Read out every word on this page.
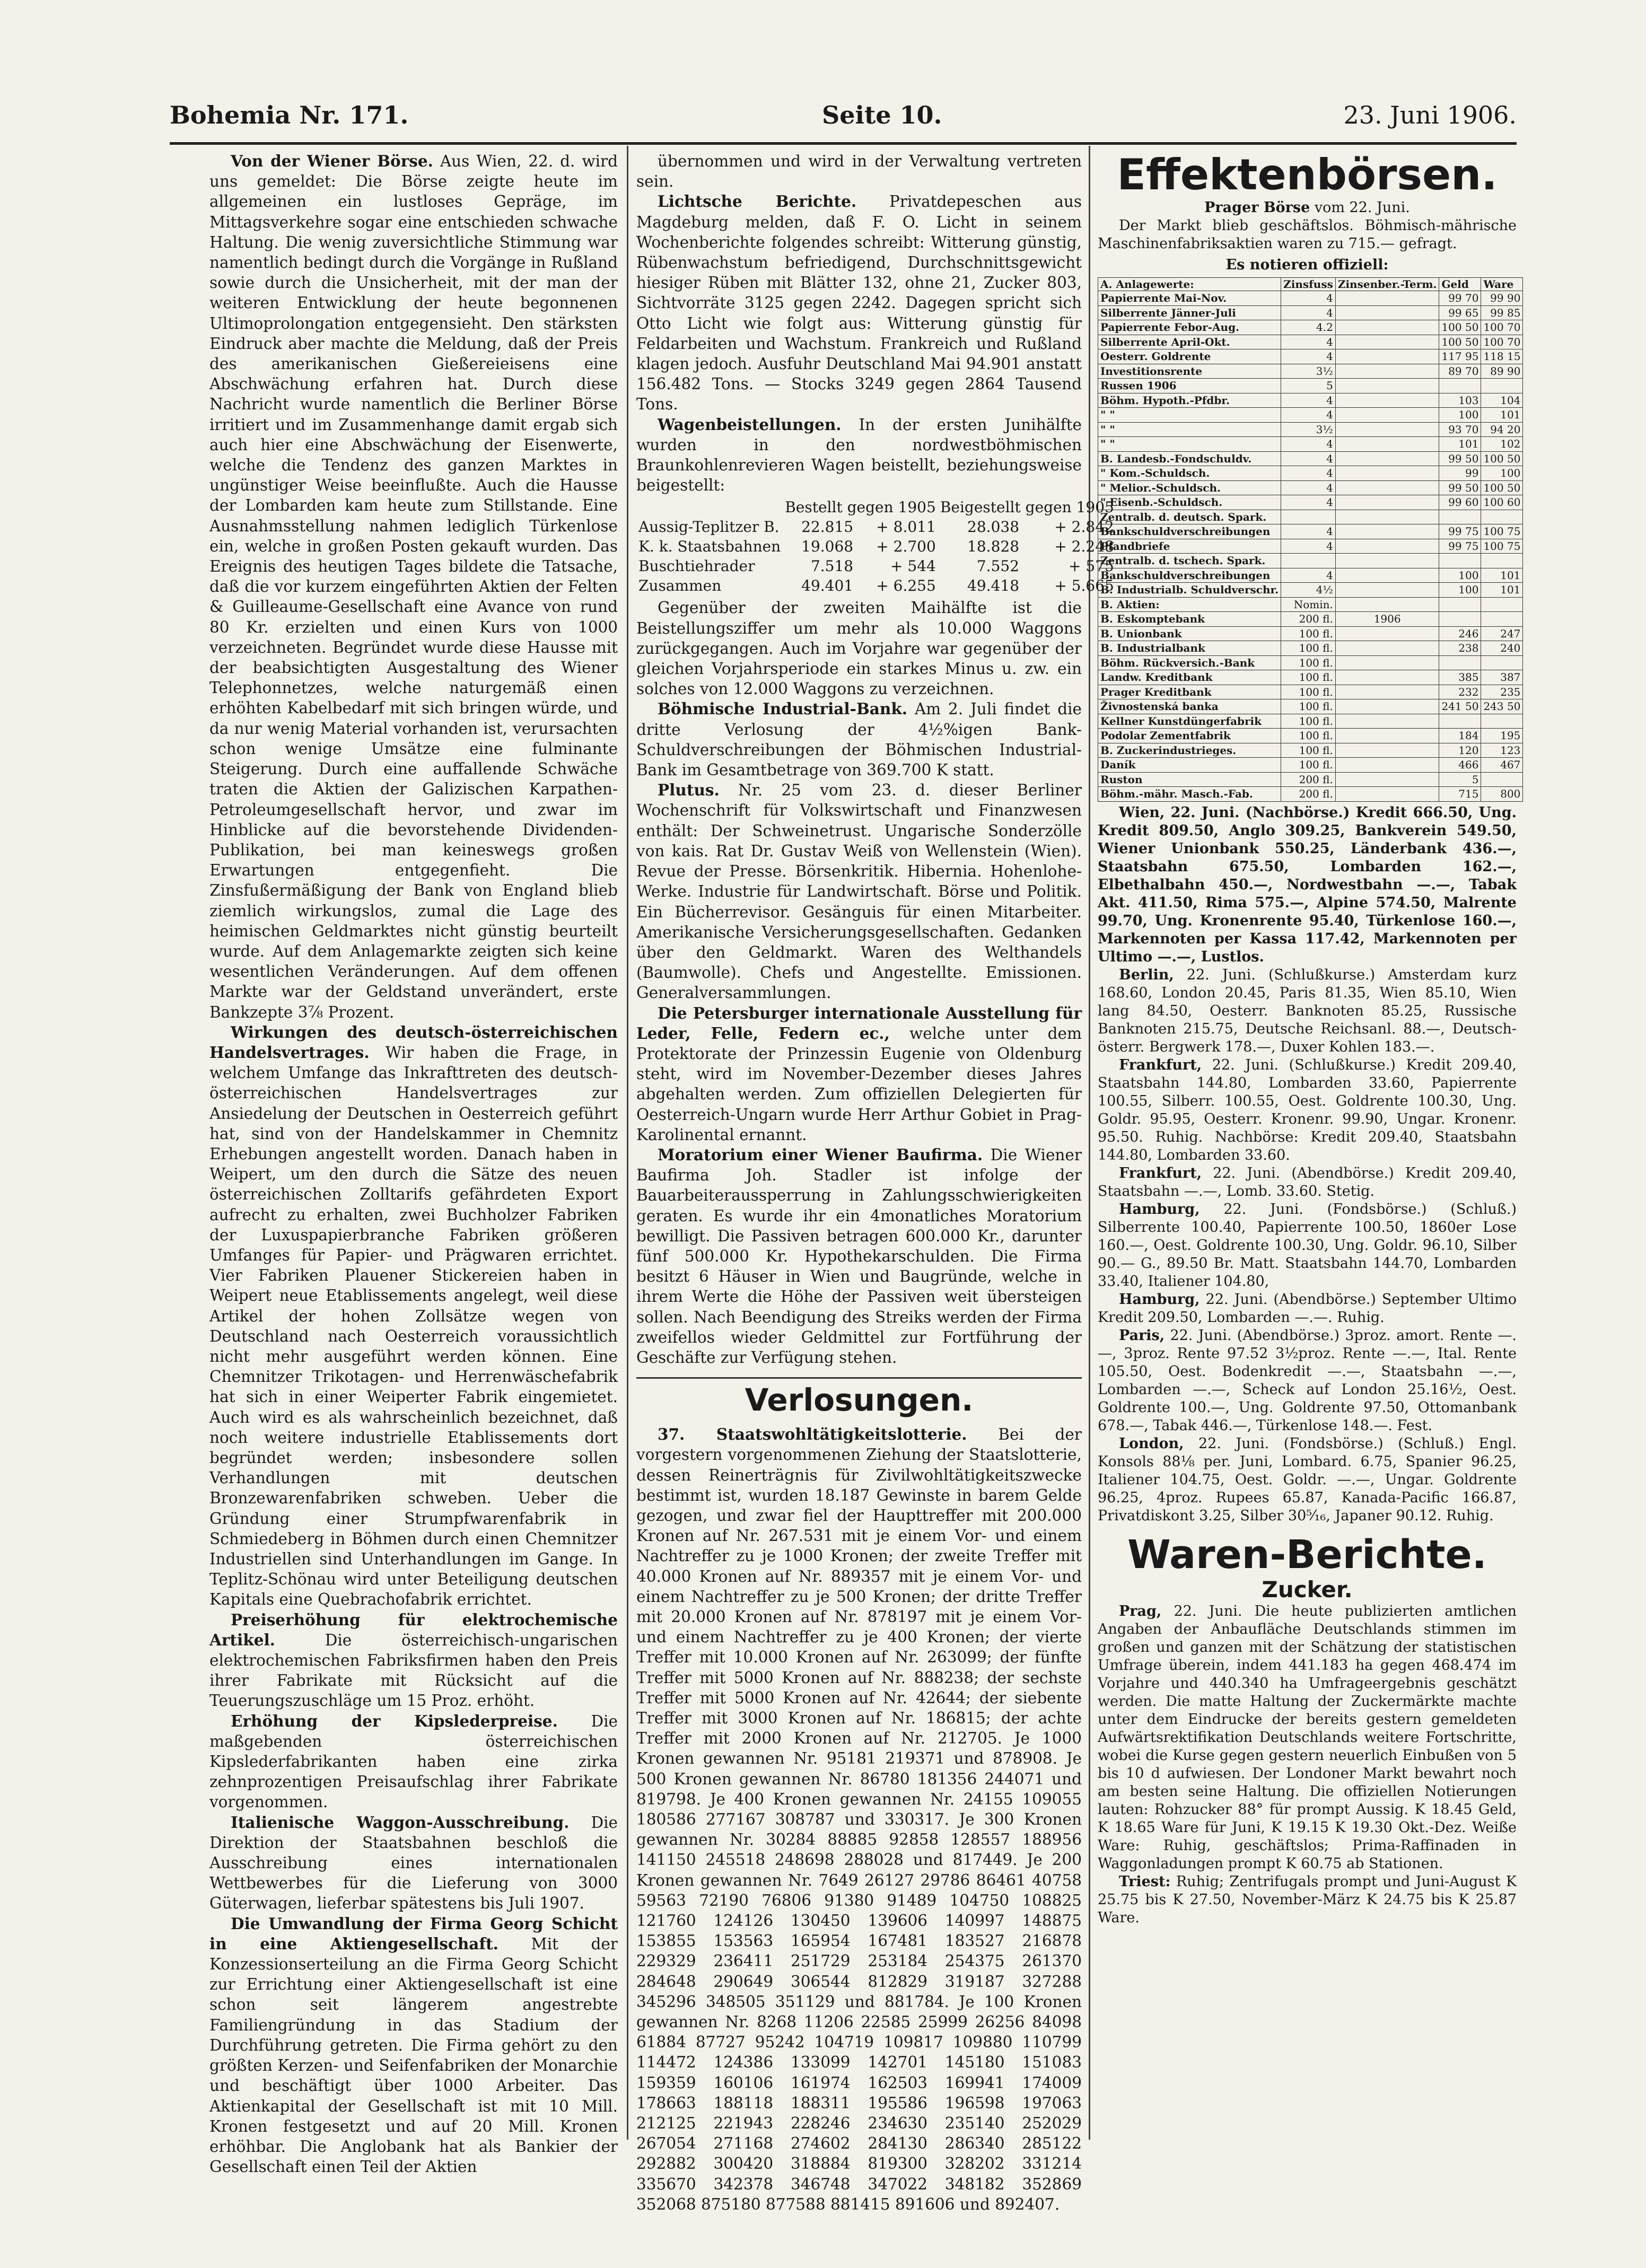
Bohemia Nr. 171.	Seite 10.	23. Juni 1906.

Von der Wiener Börse. Aus Wien, 22. d. wird uns gemeldet: Die Börse zeigte heute im allgemeinen ein lustloses Gepräge, im Mittagsverkehre sogar eine entschieden schwache Haltung. Die wenig zuversichtliche Stimmung war namentlich bedingt durch die Vorgänge in Rußland sowie durch die Unsicherheit, mit der man der weiteren Entwicklung der heute begonnenen Ultimoprolongation entgegensieht. Den stärksten Eindruck aber machte die Meldung, daß der Preis des amerikanischen Gießereieisens eine Abschwächung erfahren hat. Durch diese Nachricht wurde namentlich die Berliner Börse irritiert und im Zusammenhange damit ergab sich auch hier eine Abschwächung der Eisenwerte, welche die Tendenz des ganzen Marktes in ungünstiger Weise beeinflußte. Auch die Hausse der Lombarden kam heute zum Stillstande. Eine Ausnahmsstellung nahmen lediglich Türkenlose ein, welche in großen Posten gekauft wurden. Das Ereignis des heutigen Tages bildete die Tatsache, daß die vor kurzem eingeführten Aktien der Felten & Guilleaume-Gesellschaft eine Avance von rund 80 Kr. erzielten und einen Kurs von 1000 verzeichneten. Begründet wurde diese Hausse mit der beabsichtigten Ausgestaltung des Wiener Telephonnetzes, welche naturgemäß einen erhöhten Kabelbedarf mit sich bringen würde, und da nur wenig Material vorhanden ist, verursachten schon wenige Umsätze eine fulminante Steigerung. Durch eine auffallende Schwäche traten die Aktien der Galizischen Karpathen-Petroleumgesellschaft hervor, und zwar im Hinblicke auf die bevorstehende Dividenden-Publikation, bei man keineswegs großen Erwartungen entgegenfieht. Die Zinsfußermäßigung der Bank von England blieb ziemlich wirkungslos, zumal die Lage des heimischen Geldmarktes nicht günstig beurteilt wurde. Auf dem Anlagemarkte zeigten sich keine wesentlichen Veränderungen. Auf dem offenen Markte war der Geldstand unverändert, erste Bankzepte 3⅞ Prozent.

Wirkungen des deutsch-österreichischen Handelsvertrages. Wir haben die Frage, in welchem Umfange das Inkrafttreten des deutsch-österreichischen Handelsvertrages zur Ansiedelung der Deutschen in Oesterreich geführt hat, sind von der Handelskammer in Chemnitz Erhebungen angestellt worden. Danach haben in Weipert, um den durch die Sätze des neuen österreichischen Zolltarifs gefährdeten Export aufrecht zu erhalten, zwei Buchholzer Fabriken der Luxuspapierbranche Fabriken größeren Umfanges für Papier- und Prägwaren errichtet. Vier Fabriken Plauener Stickereien haben in Weipert neue Etablissements angelegt, weil diese Artikel der hohen Zollsätze wegen von Deutschland nach Oesterreich voraussichtlich nicht mehr ausgeführt werden können. Eine Chemnitzer Trikotagen- und Herrenwäschefabrik hat sich in einer Weiperter Fabrik eingemietet. Auch wird es als wahrscheinlich bezeichnet, daß noch weitere industrielle Etablissements dort begründet werden; insbesondere sollen Verhandlungen mit deutschen Bronzewarenfabriken schweben. Ueber die Gründung einer Strumpfwarenfabrik in Schmiedeberg in Böhmen durch einen Chemnitzer Industriellen sind Unterhandlungen im Gange. In Teplitz-Schönau wird unter Beteiligung deutschen Kapitals eine Quebrachofabrik errichtet.

Preiserhöhung für elektrochemische Artikel.	Die österreichisch-ungarischen elektrochemischen Fabriksfirmen haben den Preis ihrer Fabrikate mit Rücksicht auf die Teuerungszuschläge um 15 Proz. erhöht.

Erhöhung der Kipslederpreise. Die maßgebenden österreichischen Kipslederfabrikanten haben eine zirka zehnprozentigen Preisaufschlag ihrer Fabrikate vorgenommen.

Italienische Waggon-Ausschreibung. Die Direktion der Staatsbahnen beschloß die Ausschreibung eines internationalen Wettbewerbes für die Lieferung von 3000 Güterwagen, lieferbar spätestens bis Juli 1907.

Die Umwandlung der Firma Georg Schicht in eine Aktiengesellschaft. Mit der Konzessionserteilung an die Firma Georg Schicht zur Errichtung einer Aktiengesellschaft ist eine schon seit längerem angestrebte Familiengründung in das Stadium der Durchführung getreten. Die Firma gehört zu den größten Kerzen- und Seifenfabriken der Monarchie und beschäftigt über 1000 Arbeiter. Das Aktienkapital der Gesellschaft ist mit 10 Mill. Kronen festgesetzt und auf 20 Mill. Kronen erhöhbar. Die Anglobank hat als Bankier der Gesellschaft einen Teil der Aktien

übernommen und wird in der Verwaltung vertreten sein.

Lichtsche Berichte. Privatdepeschen aus Magdeburg melden, daß F. O. Licht in seinem Wochenberichte folgendes schreibt: Witterung günstig, Rübenwachstum befriedigend, Durchschnittsgewicht hiesiger Rüben mit Blätter 132, ohne 21, Zucker 803, Sichtvorräte 3125 gegen 2242. Dagegen spricht sich Otto Licht wie folgt aus: Witterung günstig für Feldarbeiten und Wachstum. Frankreich und Rußland klagen jedoch. Ausfuhr Deutschland Mai 94.901 anstatt 156.482 Tons. — Stocks 3249 gegen 2864 Tausend Tons.

Wagenbeistellungen. In der ersten Junihälfte wurden in den nordwestböhmischen Braunkohlenrevieren Wagen beistellt, beziehungsweise beigestellt:

	Bestellt gegen 1905		Beigestellt gegen 1905	
Aussig-Teplitzer B.	22.815	+ 8.011	28.038	+ 2.842
K. k. Staatsbahnen	19.068	+ 2.700	18.828	+ 2.248
Buschtiehrader	7.518	+ 544	7.552	+ 575
Zusammen	49.401	+ 6.255	49.418	+ 5.665

Gegenüber der zweiten Maihälfte ist die Beistellungsziffer um mehr als 10.000 Waggons zurückgegangen. Auch im Vorjahre war gegenüber der gleichen Vorjahrsperiode ein starkes Minus u. zw. ein solches von 12.000 Waggons zu verzeichnen.

Böhmische Industrial-Bank. Am 2. Juli findet die dritte Verlosung der 4½%igen Bank-Schuldverschreibungen der Böhmischen Industrial-Bank im Gesamtbetrage von 369.700 K statt.

Plutus. Nr. 25 vom 23. d. dieser Berliner Wochenschrift für Volkswirtschaft und Finanzwesen enthält: Der Schweinetrust. Ungarische Sonderzölle von kais. Rat Dr. Gustav Weiß von Wellenstein (Wien). Revue der Presse. Börsenkritik. Hibernia. Hohenlohe-Werke. Industrie für Landwirtschaft. Börse und Politik. Ein Bücherrevisor. Gesänguis für einen Mitarbeiter. Amerikanische Versicherungsgesellschaften. Gedanken über den Geldmarkt. Waren des Welthandels (Baumwolle). Chefs und Angestellte. Emissionen. Generalversammlungen.

Die Petersburger internationale Ausstellung für Leder, Felle, Federn ec., welche unter dem Protektorate der Prinzessin Eugenie von Oldenburg steht, wird im November-Dezember dieses Jahres abgehalten werden. Zum offiziellen Delegierten für Oesterreich-Ungarn wurde Herr Arthur Gobiet in Prag-Karolinental ernannt.

Moratorium einer Wiener Baufirma. Die Wiener Baufirma Joh. Stadler ist infolge der Bauarbeiteraussperrung in Zahlungsschwierigkeiten geraten. Es wurde ihr ein 4monatliches Moratorium bewilligt. Die Passiven betragen 600.000 Kr., darunter fünf 500.000 Kr. Hypothekarschulden. Die Firma besitzt 6 Häuser in Wien und Baugründe, welche in ihrem Werte die Höhe der Passiven weit übersteigen sollen. Nach Beendigung des Streiks werden der Firma zweifellos wieder Geldmittel zur Fortführung der Geschäfte zur Verfügung stehen.

Verlosungen.

37. Staatswohltätigkeitslotterie. Bei der vorgestern vorgenommenen Ziehung der Staatslotterie, dessen Reinerträgnis für Zivilwohltätigkeitszwecke bestimmt ist, wurden 18.187 Gewinste in barem Gelde gezogen, und zwar fiel der Haupttreffer mit 200.000 Kronen auf Nr. 267.531 mit je einem Vor- und einem Nachtreffer zu je 1000 Kronen; der zweite Treffer mit 40.000 Kronen auf Nr. 889357 mit je einem Vor- und einem Nachtreffer zu je 500 Kronen; der dritte Treffer mit 20.000 Kronen auf Nr. 878197 mit je einem Vor- und einem Nachtreffer zu je 400 Kronen; der vierte Treffer mit 10.000 Kronen auf Nr. 263099; der fünfte Treffer mit 5000 Kronen auf Nr. 888238; der sechste Treffer mit 5000 Kronen auf Nr. 42644; der siebente Treffer mit 3000 Kronen auf Nr. 186815; der achte Treffer mit 2000 Kronen auf Nr. 212705. Je 1000 Kronen gewannen Nr. 95181 219371 und 878908. Je 500 Kronen gewannen Nr. 86780 181356 244071 und 819798. Je 400 Kronen gewannen Nr. 24155 109055 180586 277167 308787 und 330317. Je 300 Kronen gewannen Nr. 30284 88885 92858 128557 188956 141150 245518 248698 288028 und 817449. Je 200 Kronen gewannen Nr. 7649 26127 29786 86461 40758 59563 72190 76806 91380 91489 104750 108825 121760 124126 130450 139606 140997 148875 153855 153563 165954 167481 183527 216878 229329 236411 251729 253184 254375 261370 284648 290649 306544 812829 319187 327288 345296 348505 351129 und 881784. Je 100 Kronen gewannen Nr. 8268 11206 22585 25999 26256 84098 61884 87727 95242 104719 109817 109880 110799 114472 124386 133099 142701 145180 151083 159359 160106 161974 162503 169941 174009 178663 188118 188311 195586 196598 197063 212125 221943 228246 234630 235140 252029 267054 271168 274602 284130 286340 285122 292882 300420 318884 819300 328202 331214 335670 342378 346748 347022 348182 352869 352068 875180 877588 881415 891606 und 892407.

Effektenbörsen.
Prager Börse vom 22. Juni.

Der Markt blieb geschäftslos. Böhmisch-mährische Maschinenfabriksaktien waren zu 715.— gefragt.

Es notieren offiziell:
A. Anlagewerte:	Zinsfuss	Zinsenber.-Term.	Geld	Ware
Papierrente Mai-Nov.	4		99 70	99 90
Silberrente Jänner-Juli	4		99 65	99 85
Papierrente Febor-Aug.	4.2		100 50	100 70
Silberrente April-Okt.	4		100 50	100 70
Oesterr. Goldrente	4		117 95	118 15
Investitionsrente	3½		89 70	89 90
Russen 1906	5			
Böhm. Hypoth.-Pfdbr.	4		103	104
" "	4		100	101
" "	3½		93 70	94 20
" "	4		101	102
B. Landesb.-Fondschuldv.	4		99 50	100 50
" Kom.-Schuldsch.	4		99	100
" Melior.-Schuldsch.	4		99 50	100 50
" Eisenb.-Schuldsch.	4		99 60	100 60
Zentralb. d. deutsch. Spark.				
Bankschuldverschreibungen	4		99 75	100 75
Pfandbriefe	4		99 75	100 75
Zentralb. d. tschech. Spark.				
Bankschuldverschreibungen	4		100	101
B. Industrialb. Schuldverschr.	4½		100	101
B. Aktien:	Nomin.			
B. Eskomptebank	200 fl.	1906		
B. Unionbank	100 fl.		246	247
B. Industrialbank	100 fl.		238	240
Böhm. Rückversich.-Bank	100 fl.			
Landw. Kreditbank	100 fl.		385	387
Prager Kreditbank	100 fl.		232	235
Živnostenská banka	100 fl.		241 50	243 50
Kellner Kunstdüngerfabrik	100 fl.			
Podolar Zementfabrik	100 fl.		184	195
B. Zuckerindustrieges.	100 fl.		120	123
Daník	100 fl.		466	467
Ruston	200 fl.		5	
Böhm.-mähr. Masch.-Fab.	200 fl.		715	800

Wien, 22. Juni. (Nachbörse.) Kredit 666.50, Ung. Kredit 809.50, Anglo 309.25, Bankverein 549.50, Wiener Unionbank 550.25, Länderbank 436.—, Staatsbahn 675.50, Lombarden 162.—, Elbethalbahn 450.—, Nordwestbahn —.—, Tabak Akt. 411.50, Rima 575.—, Alpine 574.50, Malrente 99.70, Ung. Kronenrente 95.40, Türkenlose 160.—, Markennoten per Kassa 117.42, Markennoten per Ultimo —.—, Lustlos.

Berlin, 22. Juni. (Schlußkurse.) Amsterdam kurz 168.60, London 20.45, Paris 81.35, Wien 85.10, Wien lang 84.50, Oesterr. Banknoten 85.25, Russische Banknoten 215.75, Deutsche Reichsanl. 88.—, Deutsch-österr. Bergwerk 178.—, Duxer Kohlen 183.—.

Frankfurt, 22. Juni. (Schlußkurse.) Kredit 209.40, Staatsbahn 144.80, Lombarden 33.60, Papierrente 100.55, Silberr. 100.55, Oest. Goldrente 100.30, Ung. Goldr. 95.95, Oesterr. Kronenr. 99.90, Ungar. Kronenr. 95.50. Ruhig. Nachbörse: Kredit 209.40, Staatsbahn 144.80, Lombarden 33.60.

Frankfurt, 22. Juni. (Abendbörse.) Kredit 209.40, Staatsbahn —.—, Lomb. 33.60. Stetig.

Hamburg, 22. Juni. (Fondsbörse.) (Schluß.) Silberrente 100.40, Papierrente 100.50, 1860er Lose 160.—, Oest. Goldrente 100.30, Ung. Goldr. 96.10, Silber 90.— G., 89.50 Br. Matt. Staatsbahn 144.70, Lombarden 33.40, Italiener 104.80,

Hamburg, 22. Juni. (Abendbörse.) September Ultimo Kredit 209.50, Lombarden —.—. Ruhig.

Paris, 22. Juni. (Abendbörse.) 3proz. amort. Rente —.—, 3proz. Rente 97.52 3½proz. Rente —.—, Ital. Rente 105.50, Oest. Bodenkredit —.—, Staatsbahn —.—, Lombarden —.—, Scheck auf London 25.16½, Oest. Goldrente 100.—, Ung. Goldrente 97.50, Ottomanbank 678.—, Tabak 446.—, Türkenlose 148.—. Fest.

London, 22. Juni. (Fondsbörse.) (Schluß.) Engl. Konsols 88⅛ per. Juni, Lombard. 6.75, Spanier 96.25, Italiener 104.75, Oest. Goldr. —.—, Ungar. Goldrente 96.25, 4proz. Rupees 65.87, Kanada-Pacific 166.87, Privatdiskont 3.25, Silber 30⁵⁄₁₆, Japaner 90.12. Ruhig.

Waren-Berichte.
Zucker.

Prag, 22. Juni. Die heute publizierten amtlichen Angaben der Anbaufläche Deutschlands stimmen im großen und ganzen mit der Schätzung der statistischen Umfrage überein, indem 441.183 ha gegen 468.474 im Vorjahre und 440.340 ha Umfrageergebnis geschätzt werden. Die matte Haltung der Zuckermärkte machte unter dem Eindrucke der bereits gestern gemeldeten Aufwärtsrektifikation Deutschlands weitere Fortschritte, wobei die Kurse gegen gestern neuerlich Einbußen von 5 bis 10 d aufwiesen. Der Londoner Markt bewahrt noch am besten seine Haltung. Die offiziellen Notierungen lauten: Rohzucker 88° für prompt Aussig. K 18.45 Geld, K 18.65 Ware für Juni, K 19.15 K 19.30 Okt.-Dez. Weiße Ware: Ruhig, geschäftslos; Prima-Raffinaden in Waggonladungen prompt K 60.75 ab Stationen.

Triest: Ruhig; Zentrifugals prompt und Juni-August K 25.75 bis K 27.50, November-März K 24.75 bis K 25.87 Ware.
